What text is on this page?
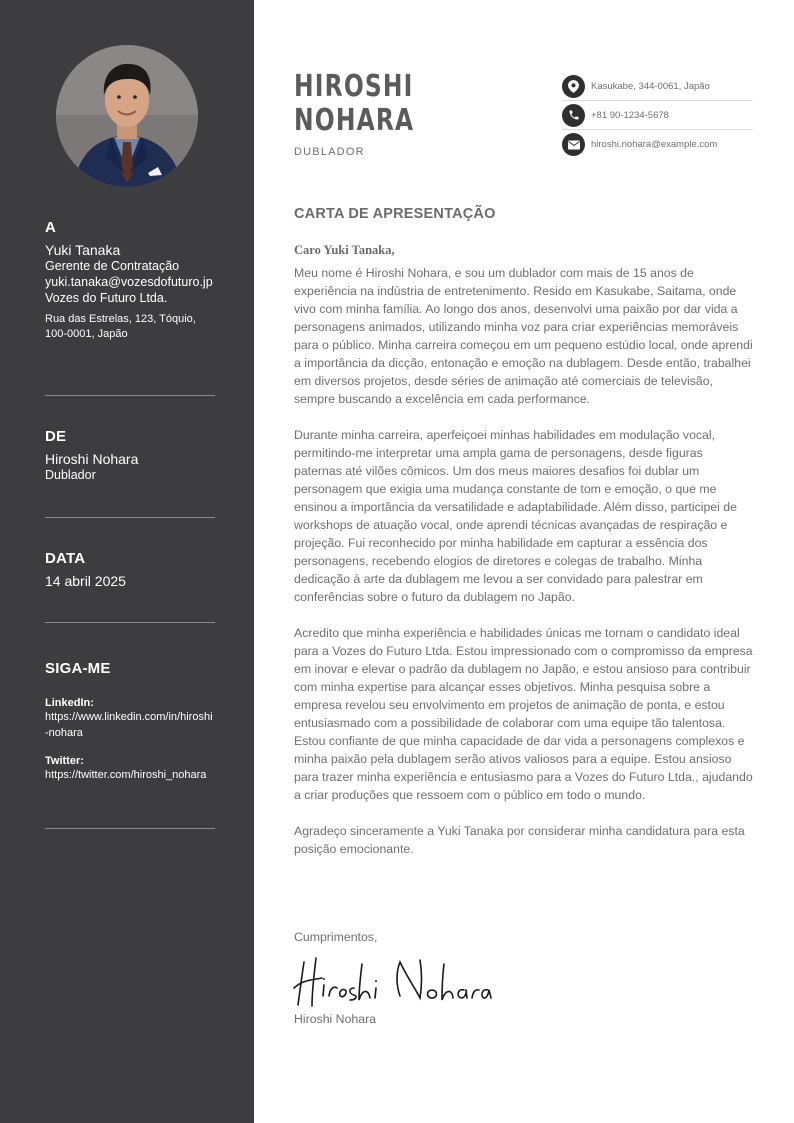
A
Yuki Tanaka
Gerente de Contratação
yuki.tanaka@vozesdofuturo.jp
Vozes do Futuro Ltda.
Rua das Estrelas, 123, Tóquio, 100-0001, Japão
DE
Hiroshi Nohara
Dublador
DATA
14 abril 2025
SIGA-ME
LinkedIn:
https://www.linkedin.com/in/hiroshi-nohara
Twitter:
https://twitter.com/hiroshi_nohara
HIROSHI
NOHARA
DUBLADOR
Kasukabe, 344-0061, Japão
+81 90-1234-5678
hiroshi.nohara@example.com
CARTA DE APRESENTAÇÃO
Caro Yuki Tanaka,

Meu nome é Hiroshi Nohara, e sou um dublador com mais de 15 anos de experiência na indústria de entretenimento. Resido em Kasukabe, Saitama, onde vivo com minha família. Ao longo dos anos, desenvolvi uma paixão por dar vida a personagens animados, utilizando minha voz para criar experiências memoráveis para o público. Minha carreira começou em um pequeno estúdio local, onde aprendi a importância da dicção, entonação e emoção na dublagem. Desde então, trabalhei em diversos projetos, desde séries de animação até comerciais de televisão, sempre buscando a excelência em cada performance.

Durante minha carreira, aperfeiçoei minhas habilidades em modulação vocal, permitindo-me interpretar uma ampla gama de personagens, desde figuras paternas até vilões cômicos. Um dos meus maiores desafios foi dublar um personagem que exigia uma mudança constante de tom e emoção, o que me ensinou a importância da versatilidade e adaptabilidade. Além disso, participei de workshops de atuação vocal, onde aprendi técnicas avançadas de respiração e projeção. Fui reconhecido por minha habilidade em capturar a essência dos personagens, recebendo elogios de diretores e colegas de trabalho. Minha dedicação à arte da dublagem me levou a ser convidado para palestrar em conferências sobre o futuro da dublagem no Japão.

Acredito que minha experiência e habilidades únicas me tornam o candidato ideal para a Vozes do Futuro Ltda. Estou impressionado com o compromisso da empresa em inovar e elevar o padrão da dublagem no Japão, e estou ansioso para contribuir com minha expertise para alcançar esses objetivos. Minha pesquisa sobre a empresa revelou seu envolvimento em projetos de animação de ponta, e estou entusiasmado com a possibilidade de colaborar com uma equipe tão talentosa. Estou confiante de que minha capacidade de dar vida a personagens complexos e minha paixão pela dublagem serão ativos valiosos para a equipe. Estou ansioso para trazer minha experiência e entusiasmo para a Vozes do Futuro Ltda., ajudando a criar produções que ressoem com o público em todo o mundo.

Agradeço sinceramente a Yuki Tanaka por considerar minha candidatura para esta posição emocionante.

Cumprimentos,
Hiroshi Nohara
